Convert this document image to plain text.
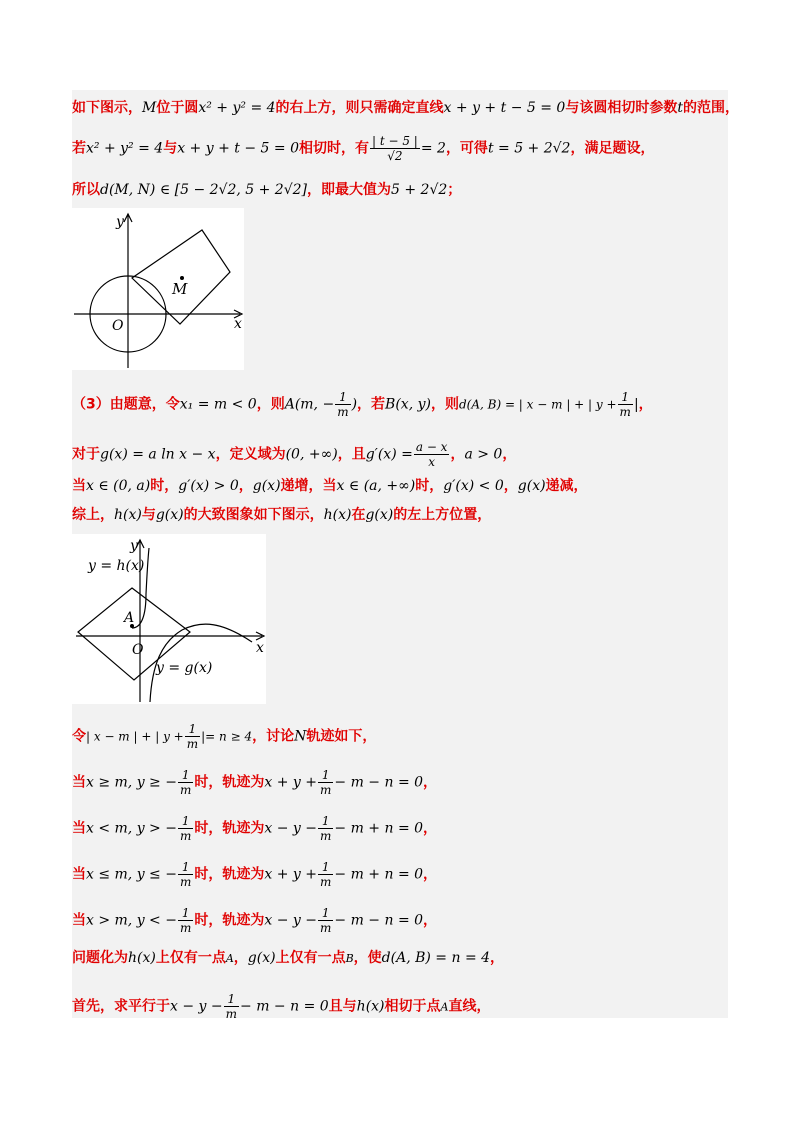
如下图示，M位于圆x² + y² = 4的右上方，则只需确定直线x + y + t − 5 = 0与该圆相切时参数t的范围，
若x² + y² = 4与x + y + t − 5 = 0相切时，有 $\frac{| t - 5 |}{√2} = 2$，可得t = 5 + 2√2，满足题设，
所以d(M, N) ∈ [5 − 2√2, 5 + 2√2]，即最大值为5 + 2√2；
M
O	x
y
（3）由题意，令x₁ = m < 0，则A(m, − $\frac{1}{m}$ )，若B(x, y)，则d(A, B) = | x − m | + | $y + \frac{1}{m}$ |，
对于g(x) = a ln x − x，定义域为(0, +∞)，且$g'(x) = \frac{a - x}{x}$ ，a > 0，
当x ∈ (0, a)时，g′(x) > 0，g(x)递增，当x ∈ (a, +∞)时，g′(x) < 0，g(x)递减，
综上，h(x)与g(x)的大致图象如下图示，h(x)在g(x)的左上方位置，
A
O	x
y
y = h(x)
y = g(x)
令| x − m | + | $y + \frac{1}{m}$ |= n ≥ 4，讨论N轨迹如下，
当x ≥ m, y ≥ − $\frac{1}{m}$ 时，轨迹为$x + y + \frac{1}{m} - m - n = 0$，
当x < m, y > − $\frac{1}{m}$ 时，轨迹为$x - y - \frac{1}{m} - m + n = 0$，
当x ≤ m, y ≤ − $\frac{1}{m}$ 时，轨迹为$x + y + \frac{1}{m} - m + n = 0$，
当x > m, y < − $\frac{1}{m}$ 时，轨迹为$x - y - \frac{1}{m} - m - n = 0$，
问题化为h(x)上仅有一点A，g(x)上仅有一点B，使d(A, B) = n = 4，
首先，求平行于$x - y - \frac{1}{m} - m - n = 0$且与h(x)相切于点A直线，
